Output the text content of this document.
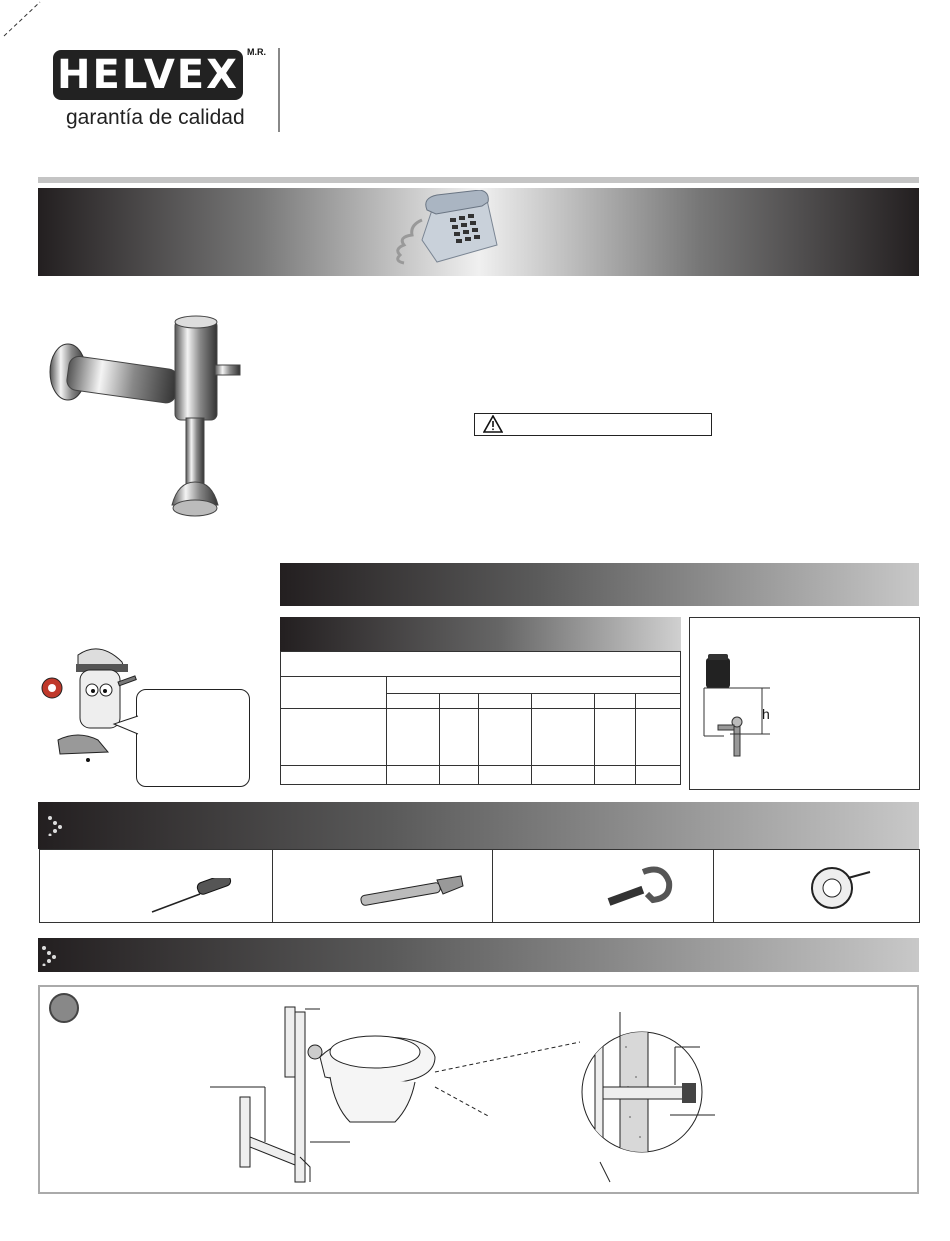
HELVEX M.R.
garantía de calidad

h
